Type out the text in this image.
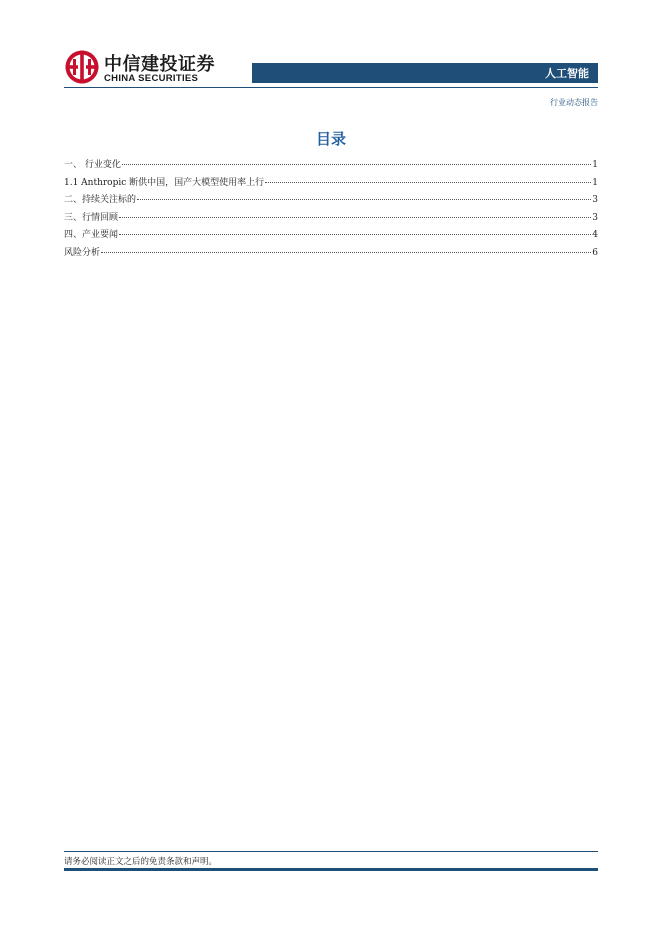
中信建投证券
CHINA SECURITIES	人工智能
行业动态报告
目录
一、 行业变化	1
1.1 Anthropic 断供中国，国产大模型使用率上行	1
二、持续关注标的	3
三、行情回顾	3
四、产业要闻	4
风险分析	6
请务必阅读正文之后的免责条款和声明。
